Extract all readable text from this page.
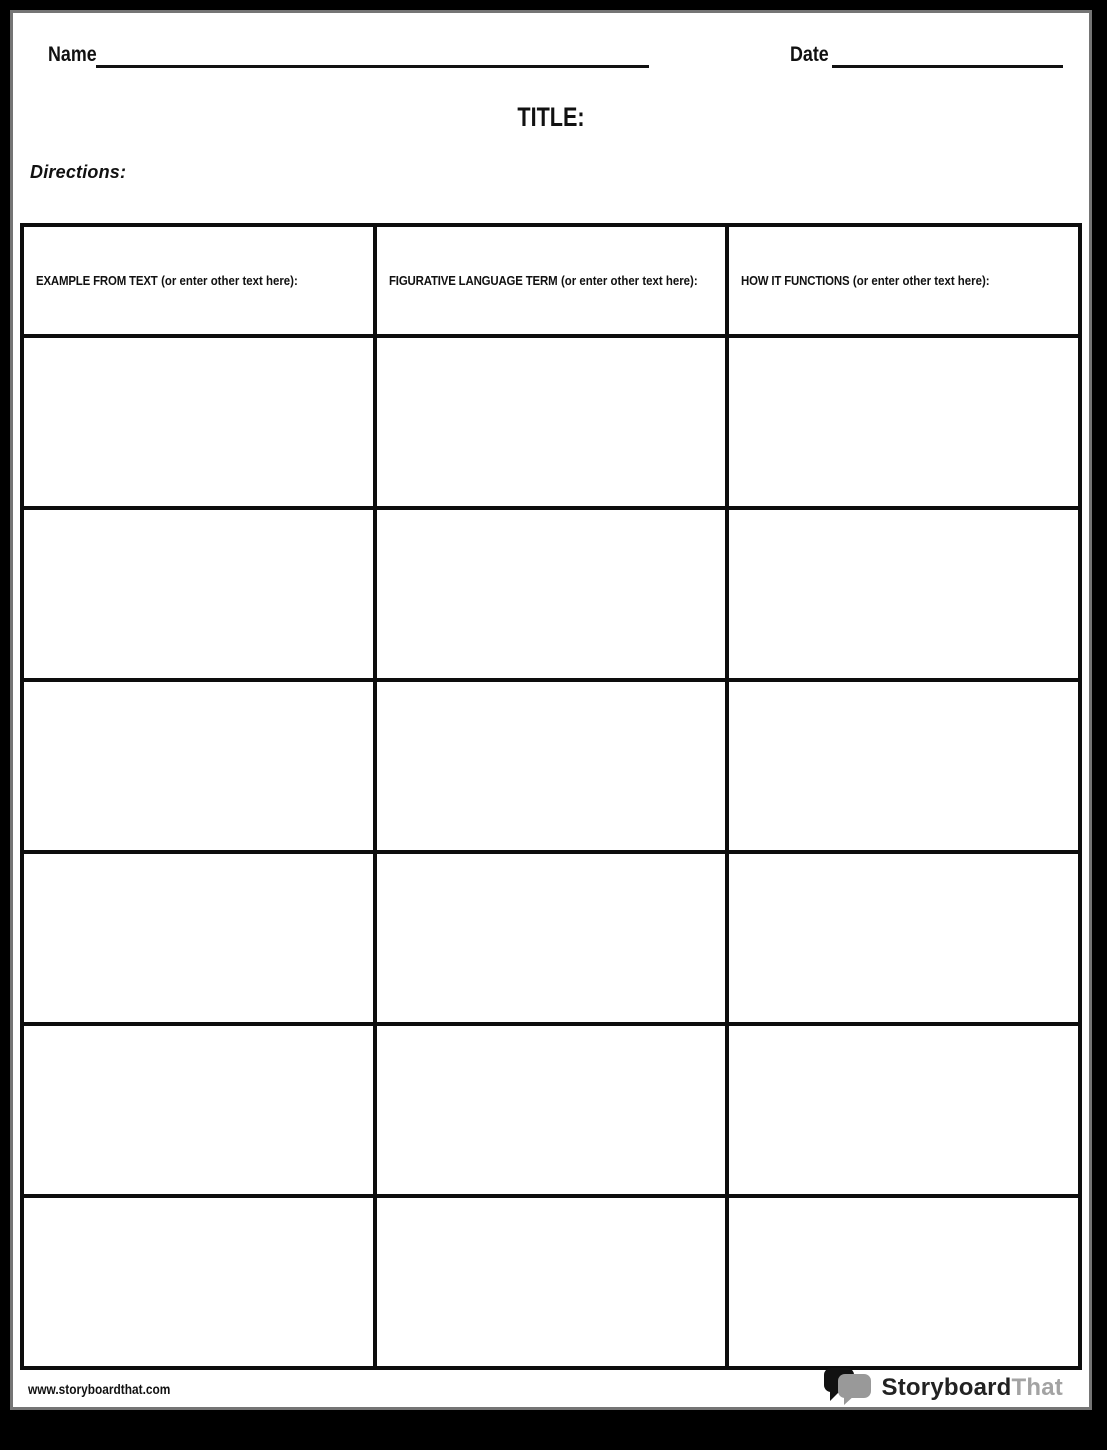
Name	Date
TITLE:
Directions:
EXAMPLE FROM TEXT (or enter other text here):	FIGURATIVE LANGUAGE TERM (or enter other text here):	HOW IT FUNCTIONS (or enter other text here):

www.storyboardthat.com	StoryboardThat
